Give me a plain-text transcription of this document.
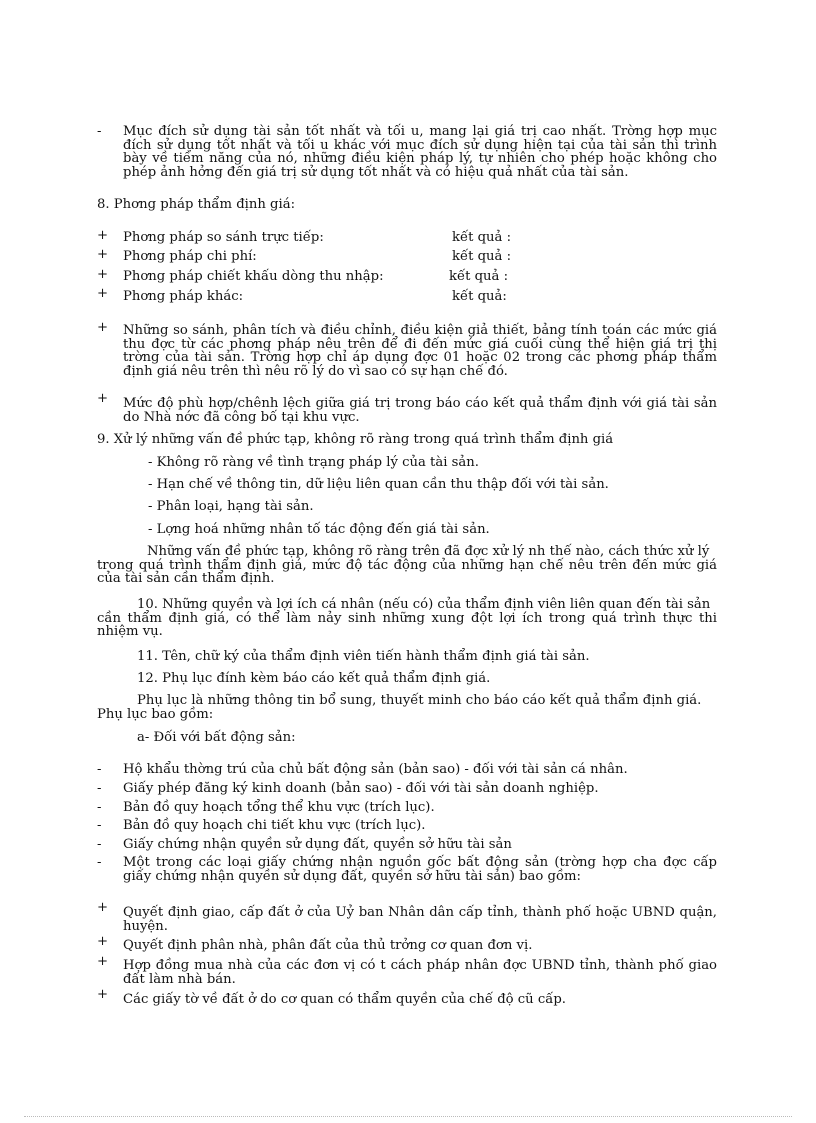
-	Mục đích sử dụng tài sản tốt nhất và tối u, mang lại giá trị cao nhất. Trờng hợp mục đích sử dụng tốt nhất và tối u khác với mục đích sử dụng hiện tại của tài sản thì trình bày về tiềm năng của nó, những điều kiện pháp lý, tự nhiên cho phép hoặc không cho phép ảnh hởng đến giá trị sử dụng tốt nhất và có hiệu quả nhất của tài sản.
8. Phơng pháp thẩm định giá:
+	Phơng pháp so sánh trực tiếp:	kết quả :
+	Phơng pháp chi phí:	kết quả :
+	Phơng pháp chiết khấu dòng thu nhập:	kết quả :
+	Phơng pháp khác:	kết quả:
+	Những so sánh, phân tích và điều chỉnh, điều kiện giả thiết, bảng tính toán các mức giá thu đợc từ các phơng pháp nêu trên để đi đến mức giá cuối cùng thể hiện giá trị thị trờng của tài sản. Trờng hợp chỉ áp dụng đợc 01 hoặc 02 trong các phơng pháp thẩm định giá nêu trên thì nêu rõ lý do vì sao có sự hạn chế đó.
+	Mức độ phù hợp/chênh lệch giữa giá trị trong báo cáo kết quả thẩm định với giá tài sản do Nhà nớc đã công bố tại khu vực.
9. Xử lý những vấn đề phức tạp, không rõ ràng trong quá trình thẩm định giá
- Không rõ ràng về tình trạng pháp lý của tài sản.
- Hạn chế về thông tin, dữ liệu liên quan cần thu thập đối với tài sản.
- Phân loại, hạng tài sản.
- Lợng hoá những nhân tố tác động đến giá tài sản.
Những vấn đề phức tạp, không rõ ràng trên đã đợc xử lý nh thế nào, cách thức xử lý
trong quá trình thẩm định giá, mức độ tác động của những hạn chế nêu trên đến mức giá của tài sản cần thẩm định.
10. Những quyền và lợi ích cá nhân (nếu có) của thẩm định viên liên quan đến tài sản
cần thẩm định giá, có thể làm nảy sinh những xung đột lợi ích trong quá trình thực thi nhiệm vụ.
11. Tên, chữ ký của thẩm định viên tiến hành thẩm định giá tài sản.
12. Phụ lục đính kèm báo cáo kết quả thẩm định giá.
Phụ lục là những thông tin bổ sung, thuyết minh cho báo cáo kết quả thẩm định giá.
Phụ lục bao gồm:
a- Đối với bất động sản:
-	Hộ khẩu thờng trú của chủ bất động sản (bản sao) - đối với tài sản cá nhân.
-	Giấy phép đăng ký kinh doanh (bản sao) - đối với tài sản doanh nghiệp.
-	Bản đồ quy hoạch tổng thể khu vực (trích lục).
-	Bản đồ quy hoạch chi tiết khu vực (trích lục).
-	Giấy chứng nhận quyền sử dụng đất, quyền sở hữu tài sản
-	Một trong các loại giấy chứng nhận nguồn gốc bất động sản (trờng hợp cha đợc cấp giấy chứng nhận quyền sử dụng đất, quyền sở hữu tài sản) bao gồm:
+	Quyết định giao, cấp đất ở của Uỷ ban Nhân dân cấp tỉnh, thành phố hoặc UBND quận, huyện.
+	Quyết định phân nhà, phân đất của thủ trởng cơ quan đơn vị.
+	Hợp đồng mua nhà của các đơn vị có t cách pháp nhân đợc UBND tỉnh, thành phố giao đất làm nhà bán.
+	Các giấy tờ về đất ở do cơ quan có thẩm quyền của chế độ cũ cấp.
